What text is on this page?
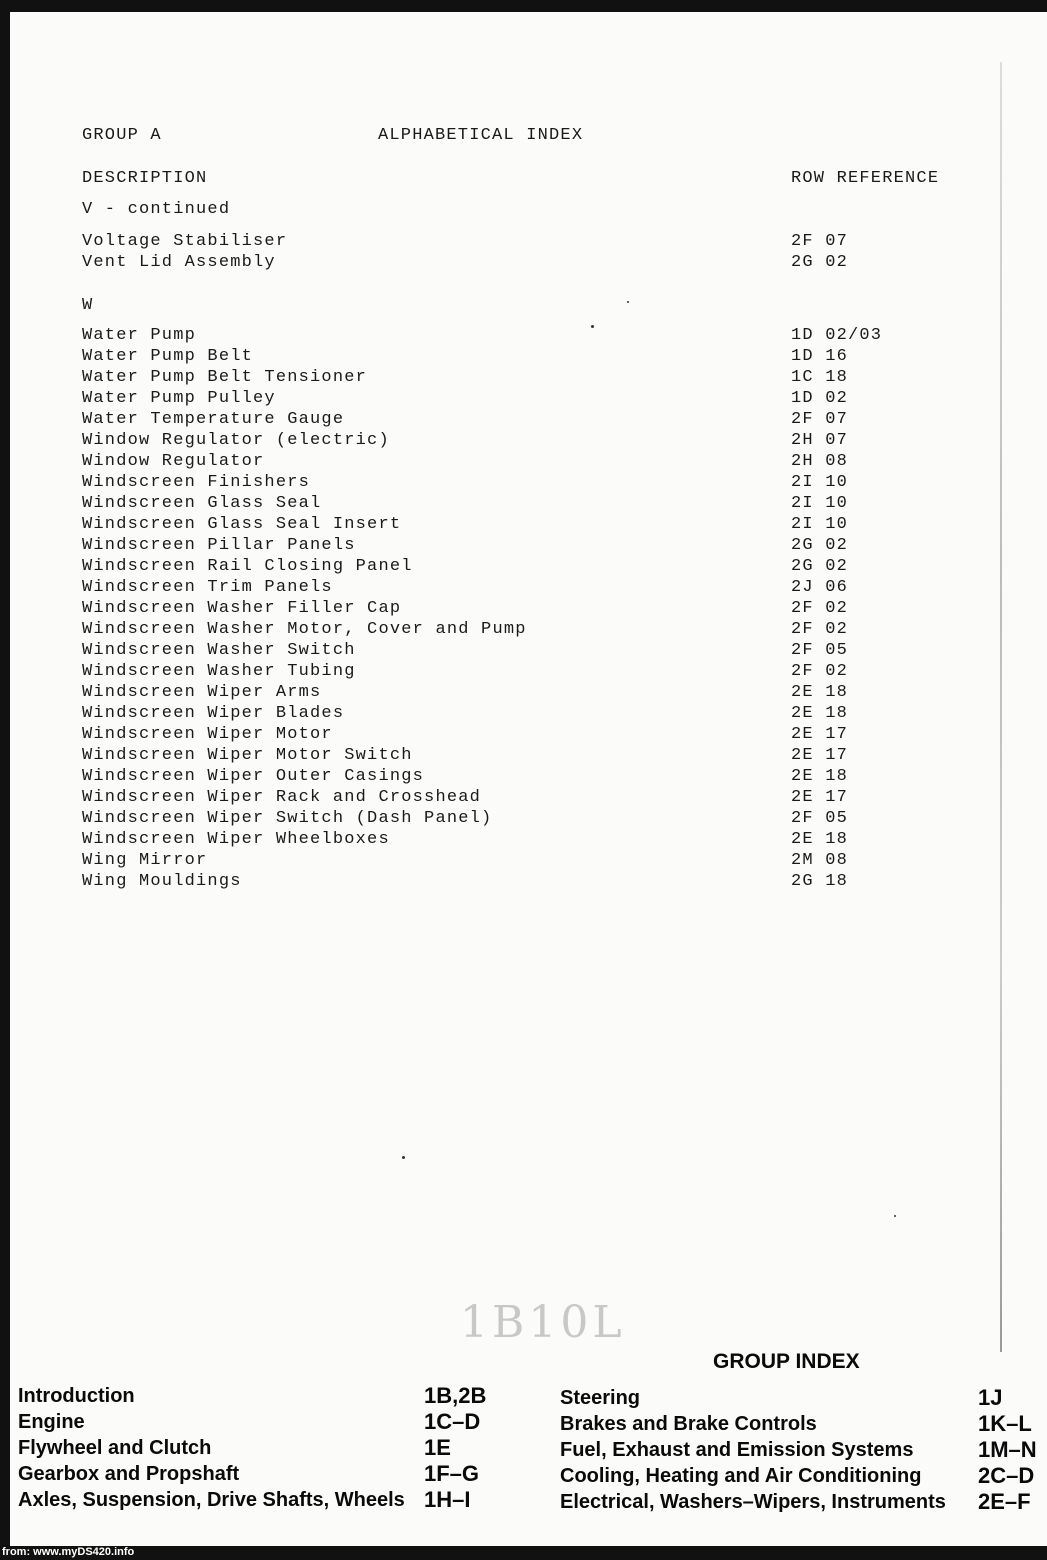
GROUP A	ALPHABETICAL INDEX
DESCRIPTION	ROW REFERENCE
V - continued
Voltage Stabiliser	2F 07
Vent Lid Assembly	2G 02
W
Water Pump	1D 02/03
Water Pump Belt	1D 16
Water Pump Belt Tensioner	1C 18
Water Pump Pulley	1D 02
Water Temperature Gauge	2F 07
Window Regulator (electric)	2H 07
Window Regulator	2H 08
Windscreen Finishers	2I 10
Windscreen Glass Seal	2I 10
Windscreen Glass Seal Insert	2I 10
Windscreen Pillar Panels	2G 02
Windscreen Rail Closing Panel	2G 02
Windscreen Trim Panels	2J 06
Windscreen Washer Filler Cap	2F 02
Windscreen Washer Motor, Cover and Pump	2F 02
Windscreen Washer Switch	2F 05
Windscreen Washer Tubing	2F 02
Windscreen Wiper Arms	2E 18
Windscreen Wiper Blades	2E 18
Windscreen Wiper Motor	2E 17
Windscreen Wiper Motor Switch	2E 17
Windscreen Wiper Outer Casings	2E 18
Windscreen Wiper Rack and Crosshead	2E 17
Windscreen Wiper Switch (Dash Panel)	2F 05
Windscreen Wiper Wheelboxes	2E 18
Wing Mirror	2M 08
Wing Mouldings	2G 18
1B10L
GROUP INDEX
Introduction	1B,2B
Engine	1C–D
Flywheel and Clutch	1E
Gearbox and Propshaft	1F–G
Axles, Suspension, Drive Shafts, Wheels 1H–I
Steering	1J
Brakes and Brake Controls	1K–L
Fuel, Exhaust and Emission Systems	1M–N
Cooling, Heating and Air Conditioning	2C–D
Electrical, Washers–Wipers, Instruments 2E–F
from: www.myDS420.info
